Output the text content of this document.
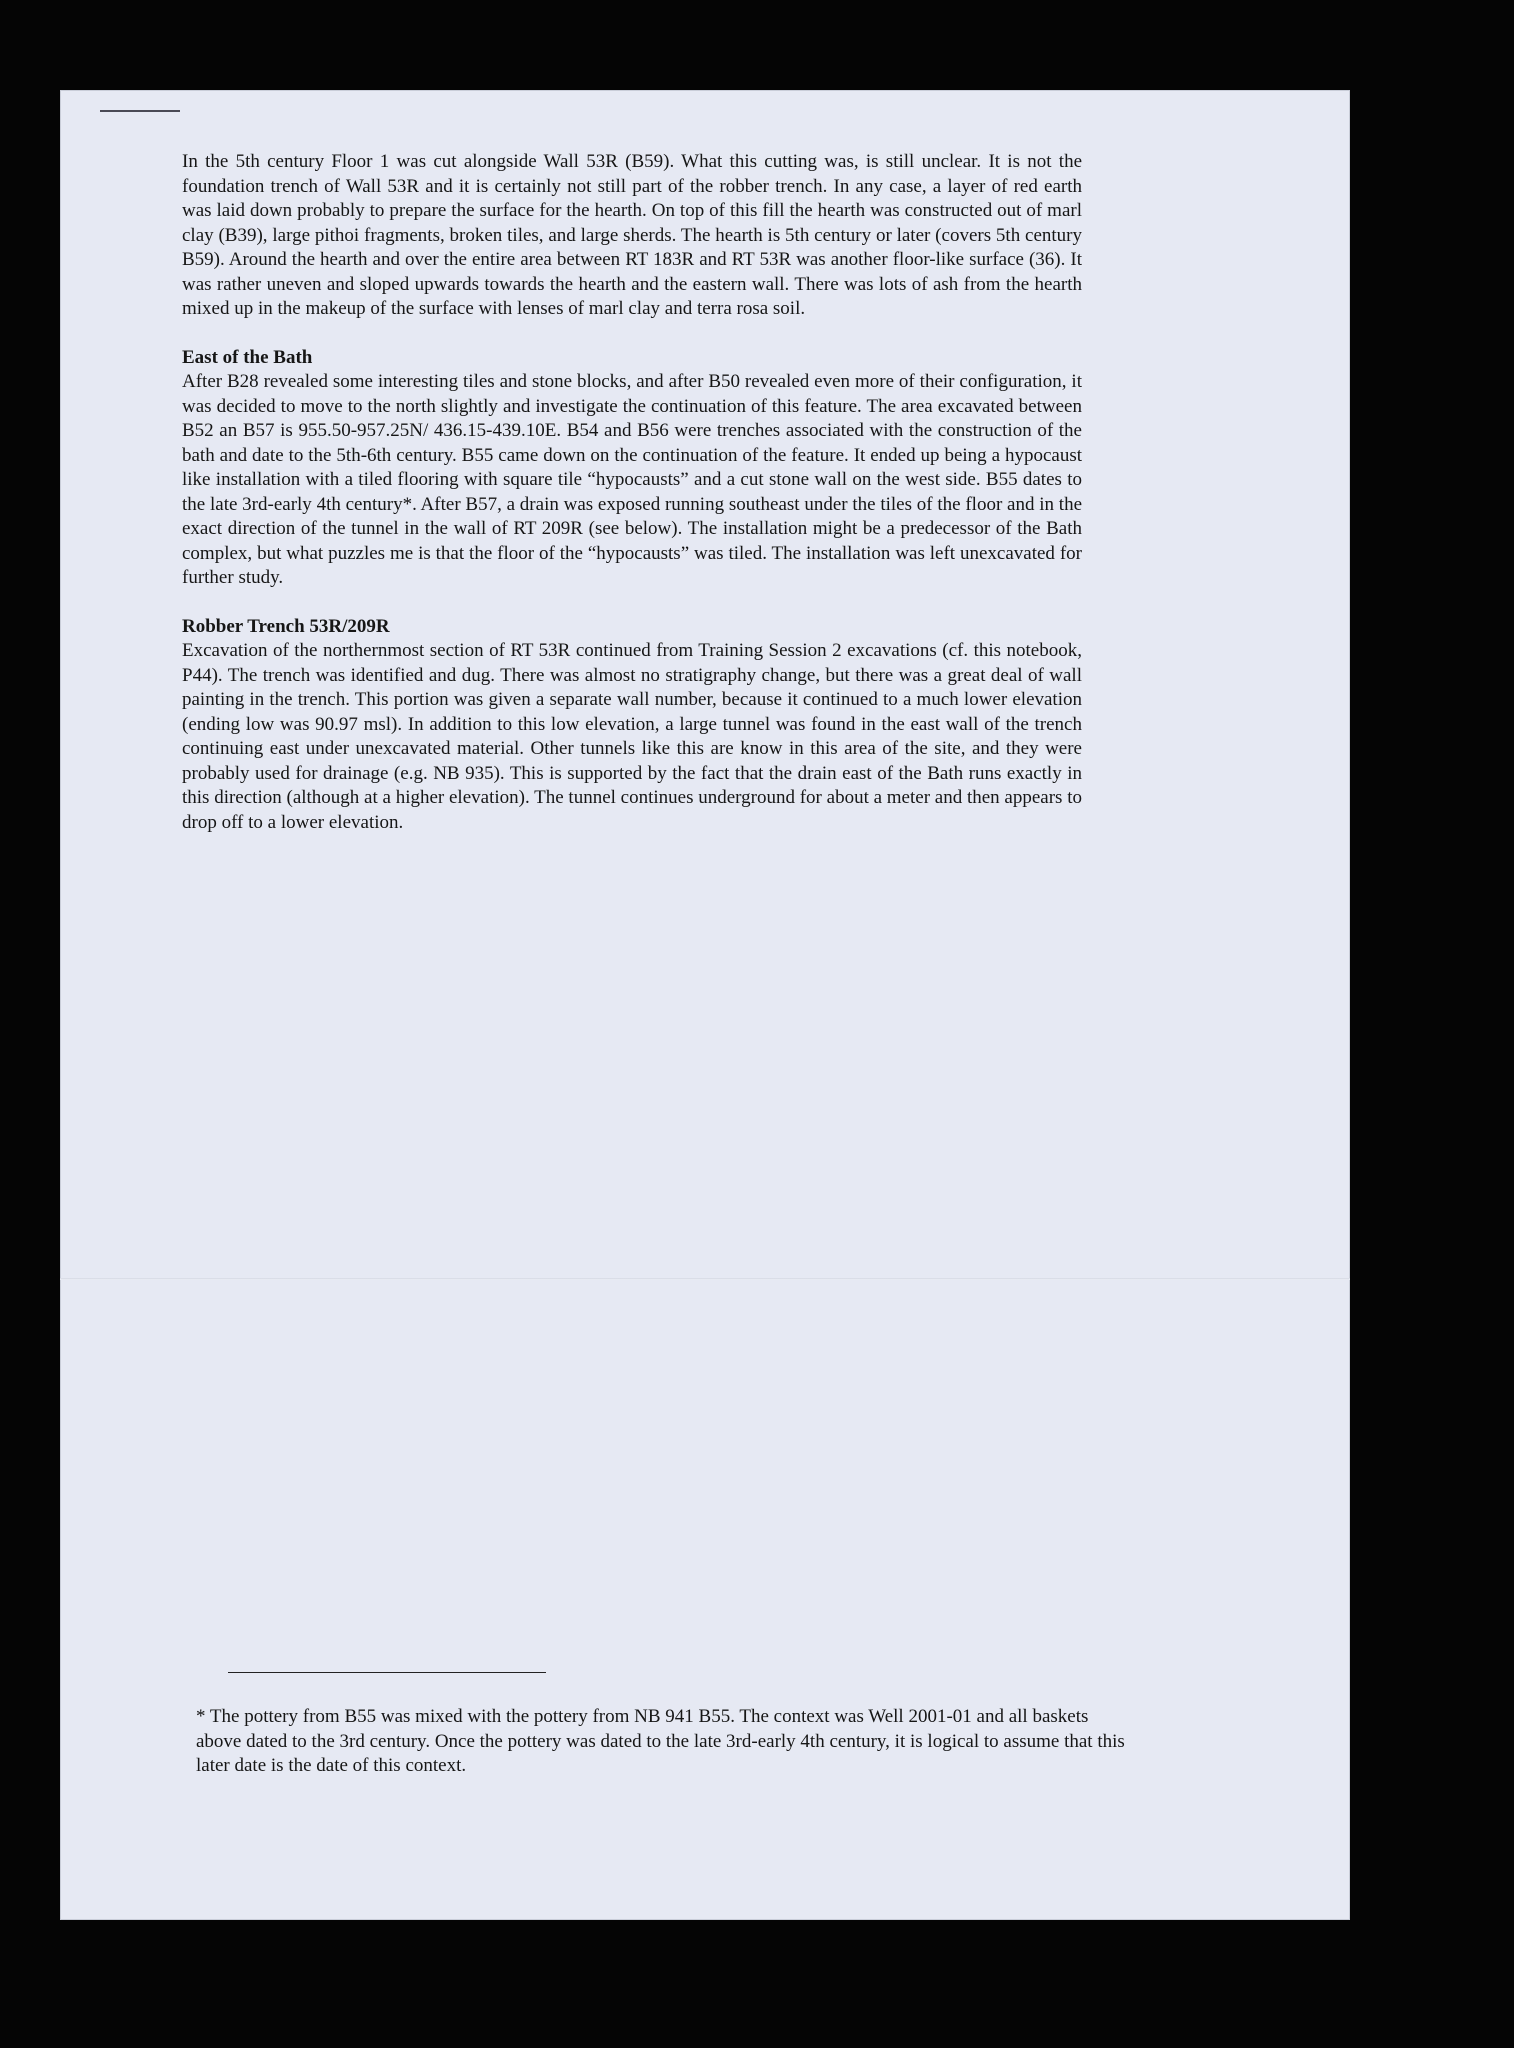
In the 5th century Floor 1 was cut alongside Wall 53R (B59). What this cutting was, is still unclear. It is not the foundation trench of Wall 53R and it is certainly not still part of the robber trench. In any case, a layer of red earth was laid down probably to prepare the surface for the hearth. On top of this fill the hearth was constructed out of marl clay (B39), large pithoi fragments, broken tiles, and large sherds. The hearth is 5th century or later (covers 5th century B59). Around the hearth and over the entire area between RT 183R and RT 53R was another floor-like surface (36). It was rather uneven and sloped upwards towards the hearth and the eastern wall. There was lots of ash from the hearth mixed up in the makeup of the surface with lenses of marl clay and terra rosa soil.

East of the Bath

After B28 revealed some interesting tiles and stone blocks, and after B50 revealed even more of their configuration, it was decided to move to the north slightly and investigate the continuation of this feature. The area excavated between B52 an B57 is 955.50-957.25N/ 436.15-439.10E. B54 and B56 were trenches associated with the construction of the bath and date to the 5th-6th century. B55 came down on the continuation of the feature. It ended up being a hypocaust like installation with a tiled flooring with square tile “hypocausts” and a cut stone wall on the west side. B55 dates to the late 3rd-early 4th century*. After B57, a drain was exposed running southeast under the tiles of the floor and in the exact direction of the tunnel in the wall of RT 209R (see below). The installation might be a predecessor of the Bath complex, but what puzzles me is that the floor of the “hypocausts” was tiled. The installation was left unexcavated for further study.

Robber Trench 53R/209R

Excavation of the northernmost section of RT 53R continued from Training Session 2 excavations (cf. this notebook, P44). The trench was identified and dug. There was almost no stratigraphy change, but there was a great deal of wall painting in the trench. This portion was given a separate wall number, because it continued to a much lower elevation (ending low was 90.97 msl). In addition to this low elevation, a large tunnel was found in the east wall of the trench continuing east under unexcavated material. Other tunnels like this are know in this area of the site, and they were probably used for drainage (e.g. NB 935). This is supported by the fact that the drain east of the Bath runs exactly in this direction (although at a higher elevation). The tunnel continues underground for about a meter and then appears to drop off to a lower elevation.

* The pottery from B55 was mixed with the pottery from NB 941 B55. The context was Well 2001-01 and all baskets above dated to the 3rd century. Once the pottery was dated to the late 3rd-early 4th century, it is logical to assume that this later date is the date of this context.
